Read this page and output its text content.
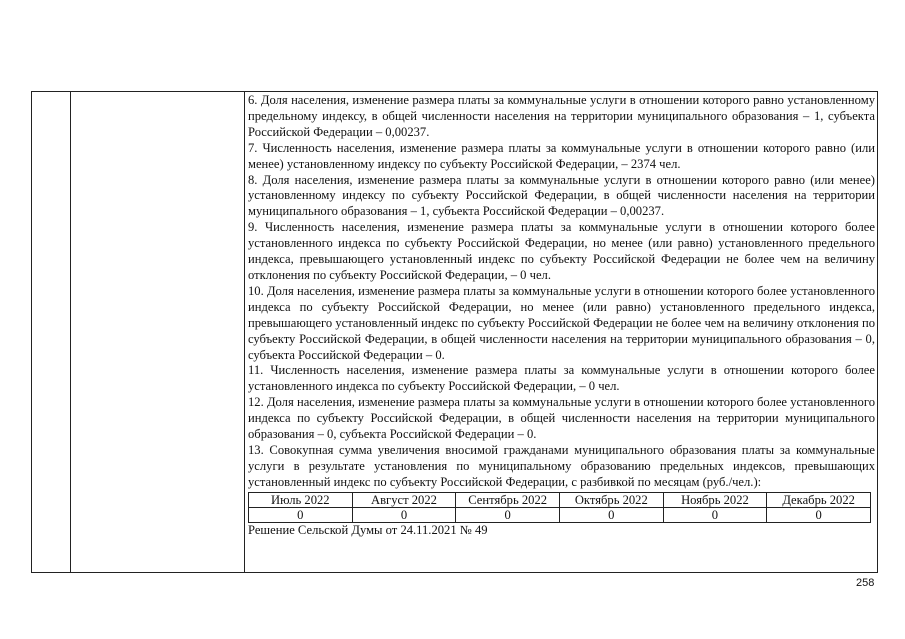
6. Доля населения, изменение размера платы за коммунальные услуги в отношении которого равно установленному предельному индексу, в общей численности населения на территории муниципального образования – 1, субъекта Российской Федерации – 0,00237.

7. Численность населения, изменение размера платы за коммунальные услуги в отношении которого равно (или менее) установленному индексу по субъекту Российской Федерации, – 2374 чел.

8. Доля населения, изменение размера платы за коммунальные услуги в отношении которого равно (или менее) установленному индексу по субъекту Российской Федерации, в общей численности населения на территории муниципального образования – 1, субъекта Российской Федерации – 0,00237.

9. Численность населения, изменение размера платы за коммунальные услуги в отношении которого более установленного индекса по субъекту Российской Федерации, но менее (или равно) установленного предельного индекса, превышающего установленный индекс по субъекту Российской Федерации не более чем на величину отклонения по субъекту Российской Федерации, – 0 чел.

10. Доля населения, изменение размера платы за коммунальные услуги в отношении которого более установленного индекса по субъекту Российской Федерации, но менее (или равно) установленного предельного индекса, превышающего установленный индекс по субъекту Российской Федерации не более чем на величину отклонения по субъекту Российской Федерации, в общей численности населения на территории муниципального образования – 0, субъекта Российской Федерации – 0.

11. Численность населения, изменение размера платы за коммунальные услуги в отношении которого более установленного индекса по субъекту Российской Федерации, – 0 чел.

12. Доля населения, изменение размера платы за коммунальные услуги в отношении которого более установленного индекса по субъекту Российской Федерации, в общей численности населения на территории муниципального образования – 0, субъекта Российской Федерации – 0.

13. Совокупная сумма увеличения вносимой гражданами муниципального образования платы за коммунальные услуги в результате установления по муниципальному образованию предельных индексов, превышающих установленный индекс по субъекту Российской Федерации, с разбивкой по месяцам (руб./чел.):

Июль 2022	Август 2022	Сентябрь 2022	Октябрь 2022	Ноябрь 2022	Декабрь 2022
0	0	0	0	0	0

Решение Сельской Думы от 24.11.2021 № 49

258
